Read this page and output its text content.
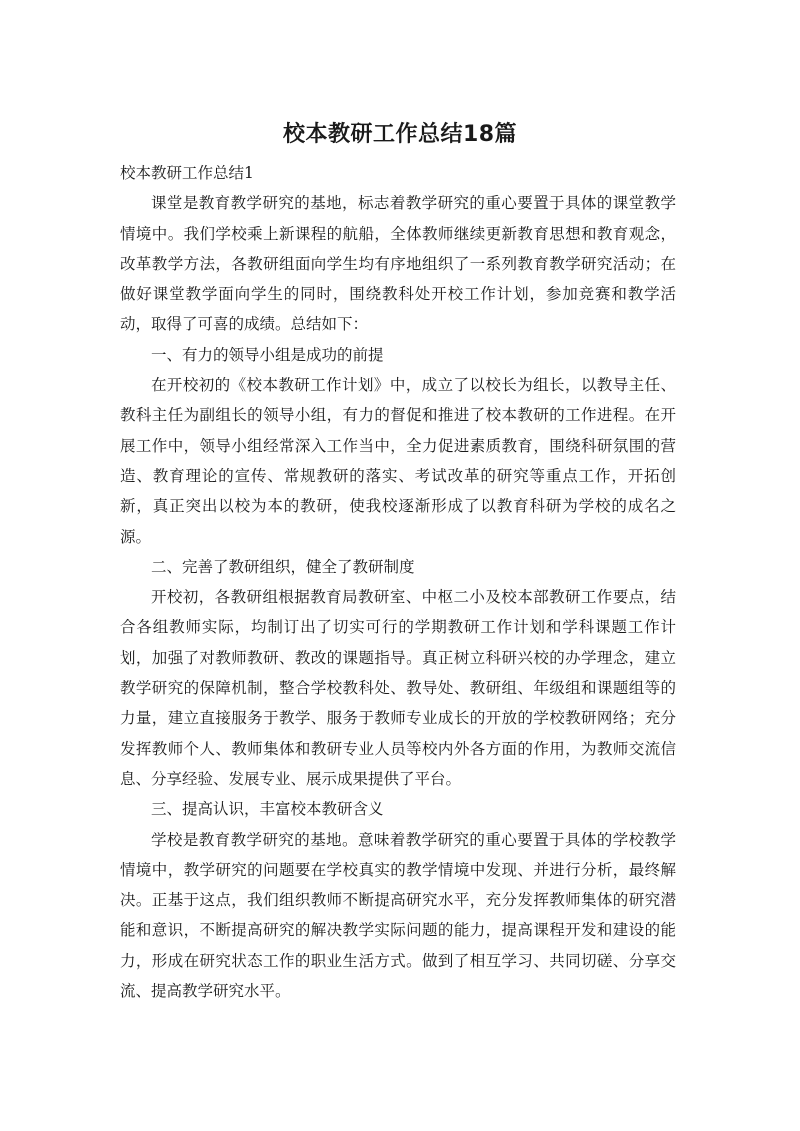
校本教研工作总结18篇

校本教研工作总结1

课堂是教育教学研究的基地，标志着教学研究的重心要置于具体的课堂教学情境中。我们学校乘上新课程的航船，全体教师继续更新教育思想和教育观念，改革教学方法，各教研组面向学生均有序地组织了一系列教育教学研究活动；在做好课堂教学面向学生的同时，围绕教科处开校工作计划，参加竞赛和教学活动，取得了可喜的成绩。总结如下：

一、有力的领导小组是成功的前提

在开校初的《校本教研工作计划》中，成立了以校长为组长，以教导主任、教科主任为副组长的领导小组，有力的督促和推进了校本教研的工作进程。在开展工作中，领导小组经常深入工作当中，全力促进素质教育，围绕科研氛围的营造、教育理论的宣传、常规教研的落实、考试改革的研究等重点工作，开拓创新，真正突出以校为本的教研，使我校逐渐形成了以教育科研为学校的成名之源。

二、完善了教研组织，健全了教研制度

开校初，各教研组根据教育局教研室、中枢二小及校本部教研工作要点，结合各组教师实际，均制订出了切实可行的学期教研工作计划和学科课题工作计划，加强了对教师教研、教改的课题指导。真正树立科研兴校的办学理念，建立教学研究的保障机制，整合学校教科处、教导处、教研组、年级组和课题组等的力量，建立直接服务于教学、服务于教师专业成长的开放的学校教研网络；充分发挥教师个人、教师集体和教研专业人员等校内外各方面的作用，为教师交流信息、分享经验、发展专业、展示成果提供了平台。

三、提高认识，丰富校本教研含义

学校是教育教学研究的基地。意味着教学研究的重心要置于具体的学校教学情境中，教学研究的问题要在学校真实的教学情境中发现、并进行分析，最终解决。正基于这点，我们组织教师不断提高研究水平，充分发挥教师集体的研究潜能和意识，不断提高研究的解决教学实际问题的能力，提高课程开发和建设的能力，形成在研究状态工作的职业生活方式。做到了相互学习、共同切磋、分享交流、提高教学研究水平。
